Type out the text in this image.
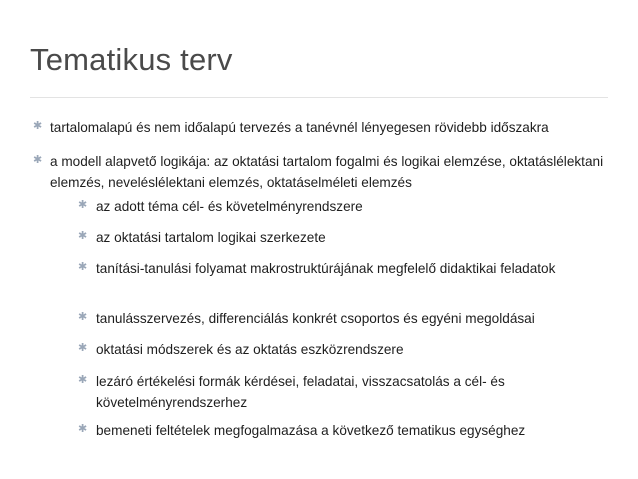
Tematikus terv
✱ tartalomalapú és nem időalapú tervezés a tanévnél lényegesen rövidebb időszakra
✱ a modell alapvető logikája: az oktatási tartalom fogalmi és logikai elemzése, oktatáslélektani elemzés, neveléslélektani elemzés, oktatáselméleti elemzés
✱ az adott téma cél- és követelményrendszere
✱ az oktatási tartalom logikai szerkezete
✱ tanítási-tanulási folyamat makrostruktúrájának megfelelő didaktikai feladatok
✱ tanulásszervezés, differenciálás konkrét csoportos és egyéni megoldásai
✱ oktatási módszerek és az oktatás eszközrendszere
✱ lezáró értékelési formák kérdései, feladatai, visszacsatolás a cél- és követelményrendszerhez
✱ bemeneti feltételek megfogalmazása a következő tematikus egységhez
